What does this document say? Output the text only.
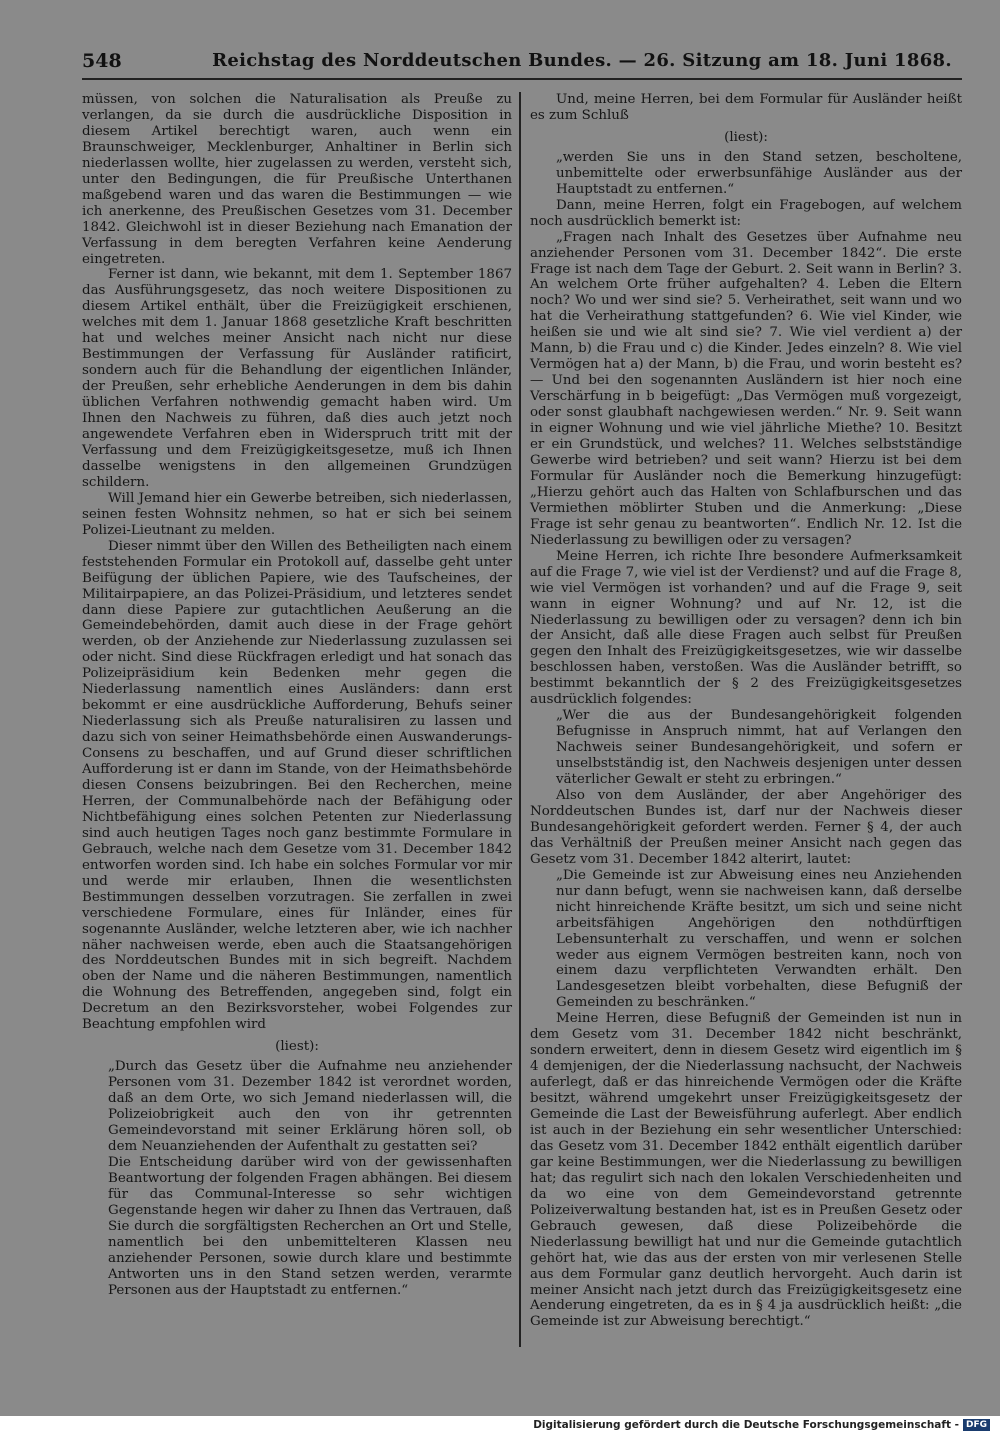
548	Reichstag des Norddeutschen Bundes. — 26. Sitzung am 18. Juni 1868.

müssen, von solchen die Naturalisation als Preuße zu verlangen, da sie durch die ausdrückliche Disposition in diesem Artikel berechtigt waren, auch wenn ein Braunschweiger, Mecklenburger, Anhaltiner in Berlin sich niederlassen wollte, hier zugelassen zu werden, versteht sich, unter den Bedingungen, die für Preußische Unterthanen maßgebend waren und das waren die Bestimmungen — wie ich anerkenne, des Preußischen Gesetzes vom 31. December 1842. Gleichwohl ist in dieser Beziehung nach Emanation der Verfassung in dem beregten Verfahren keine Aenderung eingetreten.

Ferner ist dann, wie bekannt, mit dem 1. September 1867 das Ausführungsgesetz, das noch weitere Dispositionen zu diesem Artikel enthält, über die Freizügigkeit erschienen, welches mit dem 1. Januar 1868 gesetzliche Kraft beschritten hat und welches meiner Ansicht nach nicht nur diese Bestimmungen der Verfassung für Ausländer ratificirt, sondern auch für die Behandlung der eigentlichen Inländer, der Preußen, sehr erhebliche Aenderungen in dem bis dahin üblichen Verfahren nothwendig gemacht haben wird. Um Ihnen den Nachweis zu führen, daß dies auch jetzt noch angewendete Verfahren eben in Widerspruch tritt mit der Verfassung und dem Freizügigkeitsgesetze, muß ich Ihnen dasselbe wenigstens in den allgemeinen Grundzügen schildern.

Will Jemand hier ein Gewerbe betreiben, sich niederlassen, seinen festen Wohnsitz nehmen, so hat er sich bei seinem Polizei-Lieutnant zu melden.

Dieser nimmt über den Willen des Betheiligten nach einem feststehenden Formular ein Protokoll auf, dasselbe geht unter Beifügung der üblichen Papiere, wie des Taufscheines, der Militairpapiere, an das Polizei-Präsidium, und letzteres sendet dann diese Papiere zur gutachtlichen Aeußerung an die Gemeindebehörden, damit auch diese in der Frage gehört werden, ob der Anziehende zur Niederlassung zuzulassen sei oder nicht. Sind diese Rückfragen erledigt und hat sonach das Polizeipräsidium kein Bedenken mehr gegen die Niederlassung namentlich eines Ausländers: dann erst bekommt er eine ausdrückliche Aufforderung, Behufs seiner Niederlassung sich als Preuße naturalisiren zu lassen und dazu sich von seiner Heimathsbehörde einen Auswanderungs-Consens zu beschaffen, und auf Grund dieser schriftlichen Aufforderung ist er dann im Stande, von der Heimathsbehörde diesen Consens beizubringen. Bei den Recherchen, meine Herren, der Communalbehörde nach der Befähigung oder Nichtbefähigung eines solchen Petenten zur Niederlassung sind auch heutigen Tages noch ganz bestimmte Formulare in Gebrauch, welche nach dem Gesetze vom 31. December 1842 entworfen worden sind. Ich habe ein solches Formular vor mir und werde mir erlauben, Ihnen die wesentlichsten Bestimmungen desselben vorzutragen. Sie zerfallen in zwei verschiedene Formulare, eines für Inländer, eines für sogenannte Ausländer, welche letzteren aber, wie ich nachher näher nachweisen werde, eben auch die Staatsangehörigen des Norddeutschen Bundes mit in sich begreift. Nachdem oben der Name und die näheren Bestimmungen, namentlich die Wohnung des Betreffenden, angegeben sind, folgt ein Decretum an den Bezirksvorsteher, wobei Folgendes zur Beachtung empfohlen wird

(liest):

„Durch das Gesetz über die Aufnahme neu anziehender Personen vom 31. Dezember 1842 ist verordnet worden, daß an dem Orte, wo sich Jemand niederlassen will, die Polizeiobrigkeit auch den von ihr getrennten Gemeindevorstand mit seiner Erklärung hören soll, ob dem Neuanziehenden der Aufenthalt zu gestatten sei?

Die Entscheidung darüber wird von der gewissenhaften Beantwortung der folgenden Fragen abhängen. Bei diesem für das Communal-Interesse so sehr wichtigen Gegenstande hegen wir daher zu Ihnen das Vertrauen, daß Sie durch die sorgfältigsten Recherchen an Ort und Stelle, namentlich bei den unbemittelteren Klassen neu anziehender Personen, sowie durch klare und bestimmte Antworten uns in den Stand setzen werden, verarmte Personen aus der Hauptstadt zu entfernen.“

Und, meine Herren, bei dem Formular für Ausländer heißt es zum Schluß

(liest):

„werden Sie uns in den Stand setzen, bescholtene, unbemittelte oder erwerbsunfähige Ausländer aus der Hauptstadt zu entfernen.“

Dann, meine Herren, folgt ein Fragebogen, auf welchem noch ausdrücklich bemerkt ist:

„Fragen nach Inhalt des Gesetzes über Aufnahme neu anziehender Personen vom 31. December 1842“. Die erste Frage ist nach dem Tage der Geburt. 2. Seit wann in Berlin? 3. An welchem Orte früher aufgehalten? 4. Leben die Eltern noch? Wo und wer sind sie? 5. Verheirathet, seit wann und wo hat die Verheirathung stattgefunden? 6. Wie viel Kinder, wie heißen sie und wie alt sind sie? 7. Wie viel verdient a) der Mann, b) die Frau und c) die Kinder. Jedes einzeln? 8. Wie viel Vermögen hat a) der Mann, b) die Frau, und worin besteht es? — Und bei den sogenannten Ausländern ist hier noch eine Verschärfung in b beigefügt: „Das Vermögen muß vorgezeigt, oder sonst glaubhaft nachgewiesen werden.“ Nr. 9. Seit wann in eigner Wohnung und wie viel jährliche Miethe? 10. Besitzt er ein Grundstück, und welches? 11. Welches selbstständige Gewerbe wird betrieben? und seit wann? Hierzu ist bei dem Formular für Ausländer noch die Bemerkung hinzugefügt: „Hierzu gehört auch das Halten von Schlafburschen und das Vermiethen möblirter Stuben und die Anmerkung: „Diese Frage ist sehr genau zu beantworten“. Endlich Nr. 12. Ist die Niederlassung zu bewilligen oder zu versagen?

Meine Herren, ich richte Ihre besondere Aufmerksamkeit auf die Frage 7, wie viel ist der Verdienst? und auf die Frage 8, wie viel Vermögen ist vorhanden? und auf die Frage 9, seit wann in eigner Wohnung? und auf Nr. 12, ist die Niederlassung zu bewilligen oder zu versagen? denn ich bin der Ansicht, daß alle diese Fragen auch selbst für Preußen gegen den Inhalt des Freizügigkeitsgesetzes, wie wir dasselbe beschlossen haben, verstoßen. Was die Ausländer betrifft, so bestimmt bekanntlich der § 2 des Freizügigkeitsgesetzes ausdrücklich folgendes:

„Wer die aus der Bundesangehörigkeit folgenden Befugnisse in Anspruch nimmt, hat auf Verlangen den Nachweis seiner Bundesangehörigkeit, und sofern er unselbstständig ist, den Nachweis desjenigen unter dessen väterlicher Gewalt er steht zu erbringen.“

Also von dem Ausländer, der aber Angehöriger des Norddeutschen Bundes ist, darf nur der Nachweis dieser Bundesangehörigkeit gefordert werden. Ferner § 4, der auch das Verhältniß der Preußen meiner Ansicht nach gegen das Gesetz vom 31. December 1842 alterirt, lautet:

„Die Gemeinde ist zur Abweisung eines neu Anziehenden nur dann befugt, wenn sie nachweisen kann, daß derselbe nicht hinreichende Kräfte besitzt, um sich und seine nicht arbeitsfähigen Angehörigen den nothdürftigen Lebensunterhalt zu verschaffen, und wenn er solchen weder aus eignem Vermögen bestreiten kann, noch von einem dazu verpflichteten Verwandten erhält. Den Landesgesetzen bleibt vorbehalten, diese Befugniß der Gemeinden zu beschränken.“

Meine Herren, diese Befugniß der Gemeinden ist nun in dem Gesetz vom 31. December 1842 nicht beschränkt, sondern erweitert, denn in diesem Gesetz wird eigentlich im § 4 demjenigen, der die Niederlassung nachsucht, der Nachweis auferlegt, daß er das hinreichende Vermögen oder die Kräfte besitzt, während umgekehrt unser Freizügigkeitsgesetz der Gemeinde die Last der Beweisführung auferlegt. Aber endlich ist auch in der Beziehung ein sehr wesentlicher Unterschied: das Gesetz vom 31. December 1842 enthält eigentlich darüber gar keine Bestimmungen, wer die Niederlassung zu bewilligen hat; das regulirt sich nach den lokalen Verschiedenheiten und da wo eine von dem Gemeindevorstand getrennte Polizeiverwaltung bestanden hat, ist es in Preußen Gesetz oder Gebrauch gewesen, daß diese Polizeibehörde die Niederlassung bewilligt hat und nur die Gemeinde gutachtlich gehört hat, wie das aus der ersten von mir verlesenen Stelle aus dem Formular ganz deutlich hervorgeht. Auch darin ist meiner Ansicht nach jetzt durch das Freizügigkeitsgesetz eine Aenderung eingetreten, da es in § 4 ja ausdrücklich heißt: „die Gemeinde ist zur Abweisung berechtigt.“

Digitalisierung gefördert durch die Deutsche Forschungsgemeinschaft - DFG
